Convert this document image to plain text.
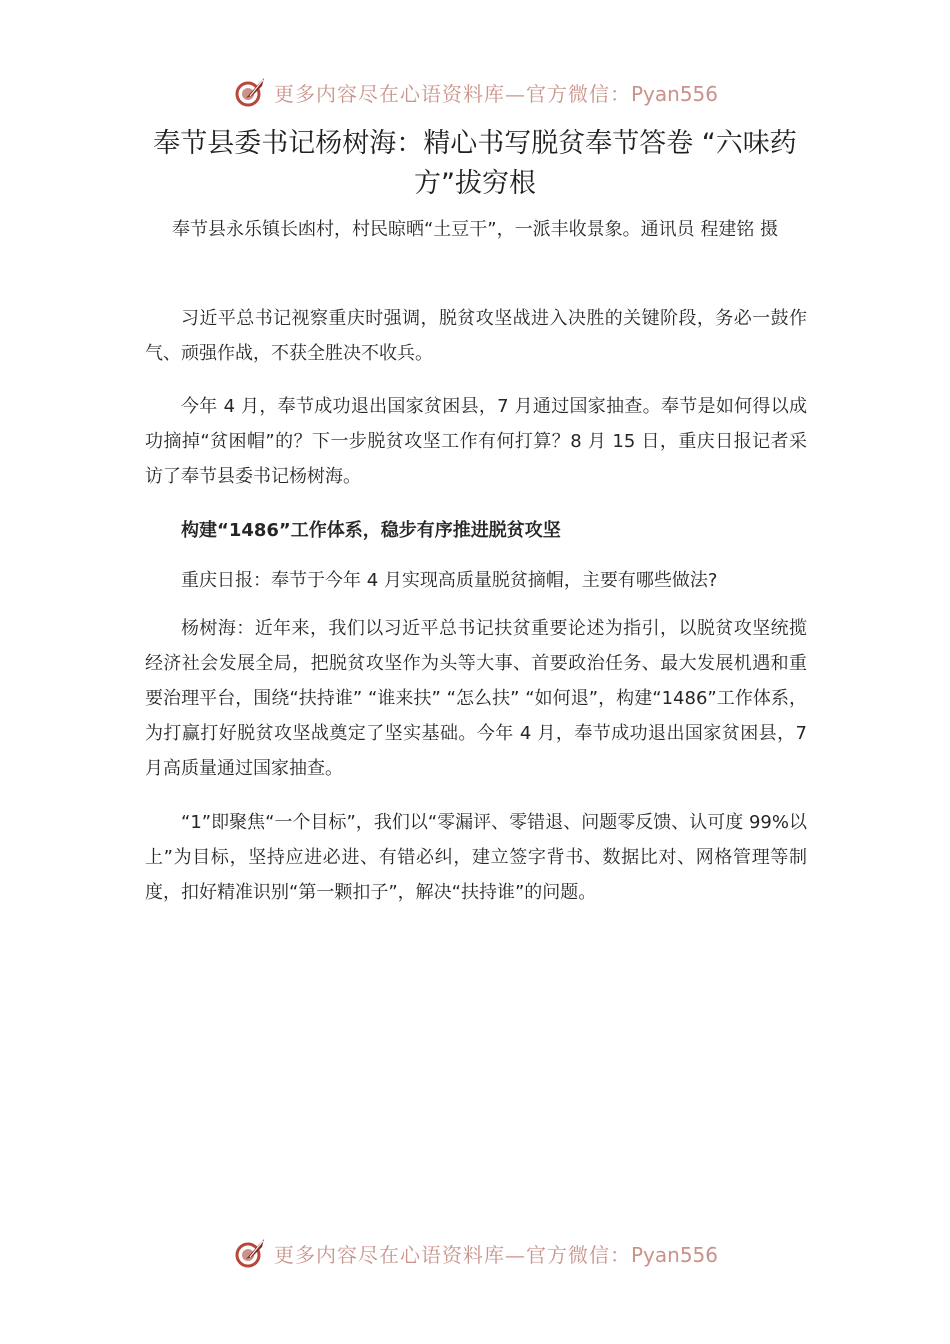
更多内容尽在心语资料库—官方微信：Pyan556
奉节县委书记杨树海：精心书写脱贫奉节答卷 “六味药方”拔穷根

奉节县永乐镇长凼村，村民晾晒“土豆干”，一派丰收景象。通讯员 程建铭 摄

习近平总书记视察重庆时强调，脱贫攻坚战进入决胜的关键阶段，务必一鼓作气、顽强作战，不获全胜决不收兵。

今年 4 月，奉节成功退出国家贫困县，7 月通过国家抽查。奉节是如何得以成功摘掉“贫困帽”的？下一步脱贫攻坚工作有何打算？8 月 15 日，重庆日报记者采访了奉节县委书记杨树海。

构建“1486”工作体系，稳步有序推进脱贫攻坚

重庆日报：奉节于今年 4 月实现高质量脱贫摘帽，主要有哪些做法?

杨树海：近年来，我们以习近平总书记扶贫重要论述为指引，以脱贫攻坚统揽经济社会发展全局，把脱贫攻坚作为头等大事、首要政治任务、最大发展机遇和重要治理平台，围绕“扶持谁” “谁来扶” “怎么扶” “如何退”，构建“1486”工作体系，为打赢打好脱贫攻坚战奠定了坚实基础。今年 4 月，奉节成功退出国家贫困县，7 月高质量通过国家抽查。

“1”即聚焦“一个目标”，我们以“零漏评、零错退、问题零反馈、认可度 99%以上”为目标，坚持应进必进、有错必纠，建立签字背书、数据比对、网格管理等制度，扣好精准识别“第一颗扣子”，解决“扶持谁”的问题。

更多内容尽在心语资料库—官方微信：Pyan556
